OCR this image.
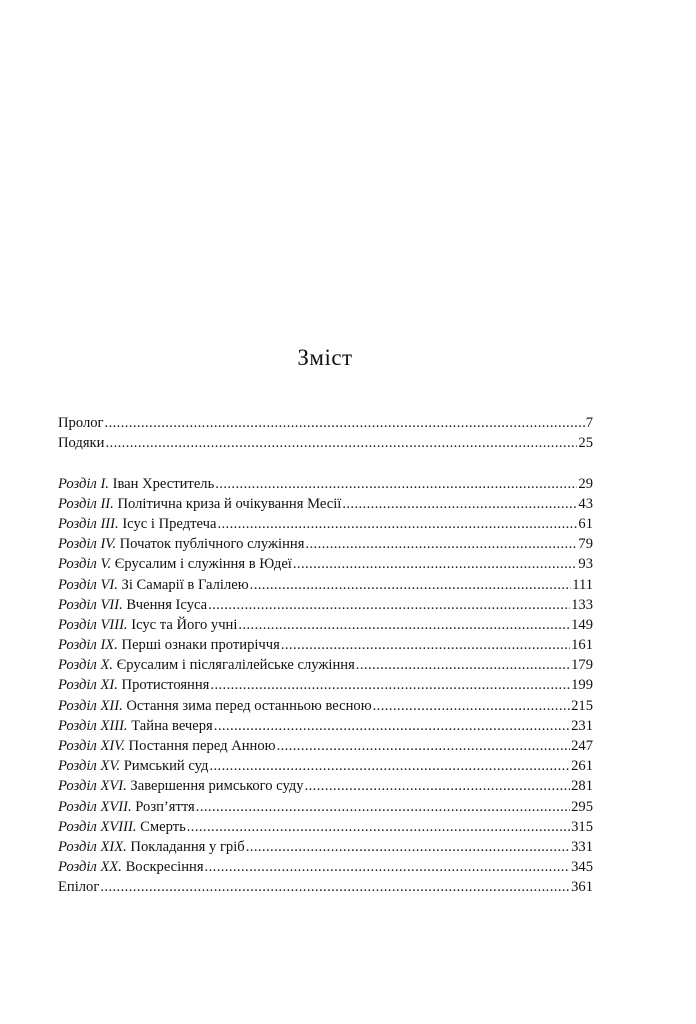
Зміст
Пролог .....	7
Подяки .....	25
Розділ I. Іван Хреститель .....	29
Розділ II. Політична криза й очікування Месії .....	43
Розділ III. Ісус і Предтеча .....	61
Розділ IV. Початок публічного служіння .....	79
Розділ V. Єрусалим і служіння в Юдеї .....	93
Розділ VI. Зі Самарії в Галілею .....	111
Розділ VII. Вчення Ісуса .....	133
Розділ VIII. Ісус та Його учні .....	149
Розділ IX. Перші ознаки протиріччя .....	161
Розділ X. Єрусалим і післягалілейське служіння .....	179
Розділ XI. Протистояння .....	199
Розділ XII. Остання зима перед останньою весною .....	215
Розділ XIII. Тайна вечеря .....	231
Розділ XIV. Постання перед Анною .....	247
Розділ XV. Римський суд .....	261
Розділ XVI. Завершення римського суду .....	281
Розділ XVII. Розп’яття .....	295
Розділ XVIII. Смерть .....	315
Розділ XIX. Покладання у гріб .....	331
Розділ XX. Воскресіння .....	345
Епілог .....	361
